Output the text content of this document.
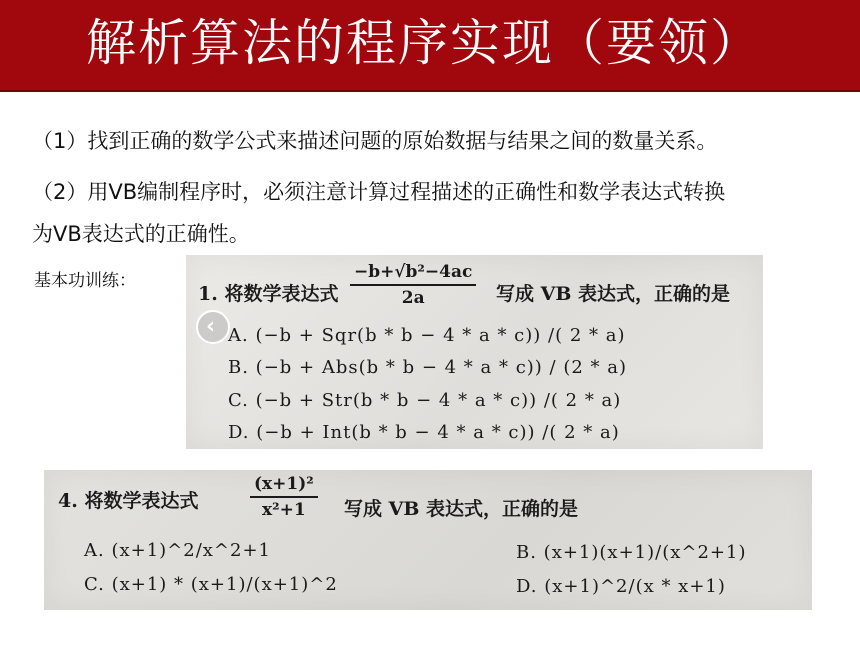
解析算法的程序实现（要领）
（1）找到正确的数学公式来描述问题的原始数据与结果之间的数量关系。
（2）用VB编制程序时，必须注意计算过程描述的正确性和数学表达式转换
为VB表达式的正确性。
基本功训练：
1. 将数学表达式 $\frac{\text{−b+√b²−4ac}}{2a}$ 写成 VB 表达式，正确的是
A. (−b + Sqr(b * b − 4 * a * c)) /( 2 * a)
B. (−b + Abs(b * b − 4 * a * c)) / (2 * a)
C. (−b + Str(b * b − 4 * a * c)) /( 2 * a)
D. (−b + Int(b * b − 4 * a * c)) /( 2 * a)
‹
4. 将数学表达式	$\frac{\text{(x+1)²}}{\text{x²+1}}$ 写成 VB 表达式，正确的是
A. (x+1)^2/x^2+1	B. (x+1)(x+1)/(x^2+1)
C. (x+1) * (x+1)/(x+1)^2	D. (x+1)^2/(x * x+1)
